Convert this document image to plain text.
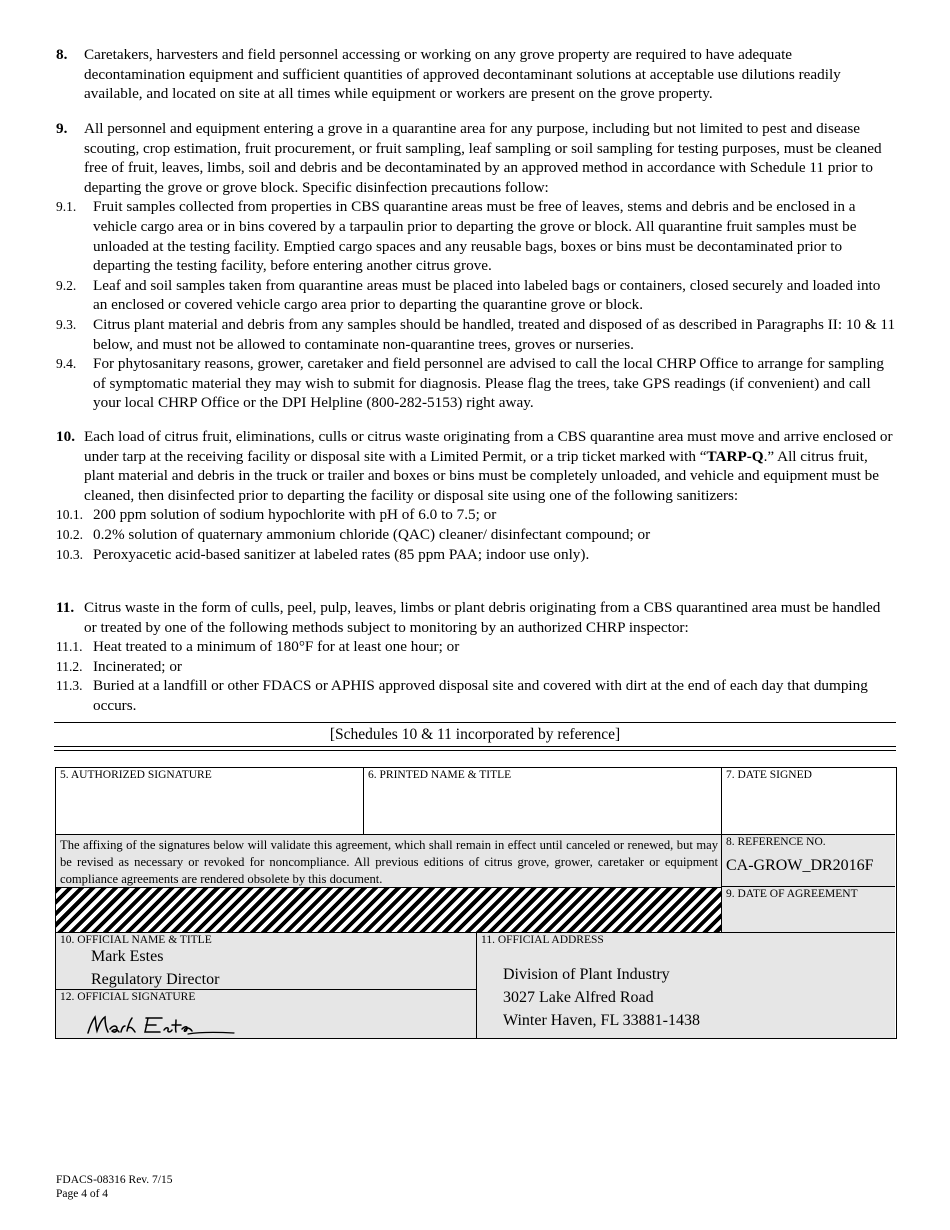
8. Caretakers, harvesters and field personnel accessing or working on any grove property are required to have adequate decontamination equipment and sufficient quantities of approved decontaminant solutions at acceptable use dilutions readily available, and located on site at all times while equipment or workers are present on the grove property.
9. All personnel and equipment entering a grove in a quarantine area for any purpose, including but not limited to pest and disease scouting, crop estimation, fruit procurement, or fruit sampling, leaf sampling or soil sampling for testing purposes, must be cleaned free of fruit, leaves, limbs, soil and debris and be decontaminated by an approved method in accordance with Schedule 11 prior to departing the grove or grove block. Specific disinfection precautions follow:
9.1. Fruit samples collected from properties in CBS quarantine areas must be free of leaves, stems and debris and be enclosed in a vehicle cargo area or in bins covered by a tarpaulin prior to departing the grove or block. All quarantine fruit samples must be unloaded at the testing facility. Emptied cargo spaces and any reusable bags, boxes or bins must be decontaminated prior to departing the testing facility, before entering another citrus grove.
9.2. Leaf and soil samples taken from quarantine areas must be placed into labeled bags or containers, closed securely and loaded into an enclosed or covered vehicle cargo area prior to departing the quarantine grove or block.
9.3. Citrus plant material and debris from any samples should be handled, treated and disposed of as described in Paragraphs II: 10 & 11 below, and must not be allowed to contaminate non-quarantine trees, groves or nurseries.
9.4. For phytosanitary reasons, grower, caretaker and field personnel are advised to call the local CHRP Office to arrange for sampling of symptomatic material they may wish to submit for diagnosis. Please flag the trees, take GPS readings (if convenient) and call your local CHRP Office or the DPI Helpline (800-282-5153) right away.
10. Each load of citrus fruit, eliminations, culls or citrus waste originating from a CBS quarantine area must move and arrive enclosed or under tarp at the receiving facility or disposal site with a Limited Permit, or a trip ticket marked with “TARP-Q.” All citrus fruit, plant material and debris in the truck or trailer and boxes or bins must be completely unloaded, and vehicle and equipment must be cleaned, then disinfected prior to departing the facility or disposal site using one of the following sanitizers:
10.1. 200 ppm solution of sodium hypochlorite with pH of 6.0 to 7.5; or
10.2. 0.2% solution of quaternary ammonium chloride (QAC) cleaner/ disinfectant compound; or
10.3. Peroxyacetic acid-based sanitizer at labeled rates (85 ppm PAA; indoor use only).
11. Citrus waste in the form of culls, peel, pulp, leaves, limbs or plant debris originating from a CBS quarantined area must be handled or treated by one of the following methods subject to monitoring by an authorized CHRP inspector:
11.1. Heat treated to a minimum of 180°F for at least one hour; or
11.2. Incinerated; or
11.3. Buried at a landfill or other FDACS or APHIS approved disposal site and covered with dirt at the end of each day that dumping occurs.
[Schedules 10 & 11 incorporated by reference]
5. AUTHORIZED SIGNATURE	6. PRINTED NAME & TITLE	7. DATE SIGNED
The affixing of the signatures below will validate this agreement, which shall remain in effect until canceled or renewed, but may be revised as necessary or revoked for noncompliance. All previous editions of citrus grove, grower, caretaker or equipment compliance agreements are rendered obsolete by this document.
8. REFERENCE NO.
CA-GROW_DR2016F
9. DATE OF AGREEMENT
10. OFFICIAL NAME & TITLE
Mark Estes
Regulatory Director
12. OFFICIAL SIGNATURE
11. OFFICIAL ADDRESS
Division of Plant Industry
3027 Lake Alfred Road
Winter Haven, FL 33881-1438
FDACS-08316 Rev. 7/15
Page 4 of 4
